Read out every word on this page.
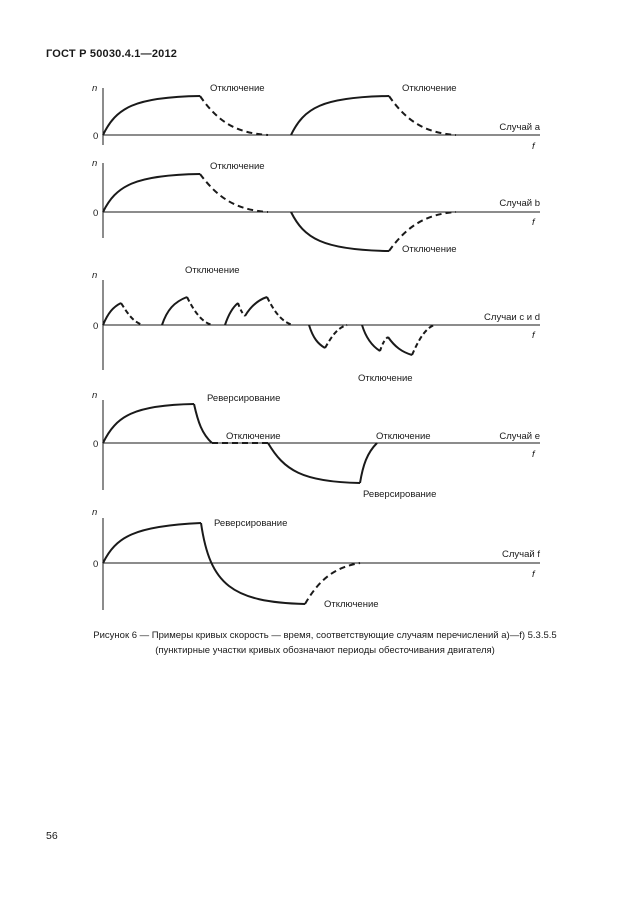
ГОСТ Р 50030.4.1—2012
n
0
f
Отключение	Отключение
Случай a
n
0
f
Отключение
Отключение
Случай b
n
0
f
Отключение
Отключение
Случаи c и d
n
0
f
Реверсирование
Отключение	Отключение
Реверсирование
Случай e
n
0
f
Реверсирование
Отключение
Случай f
Рисунок 6 — Примеры кривых скорость — время, соответствующие случаям перечислений а)—f) 5.3.5.5
(пунктирные участки кривых обозначают периоды обесточивания двигателя)
56
